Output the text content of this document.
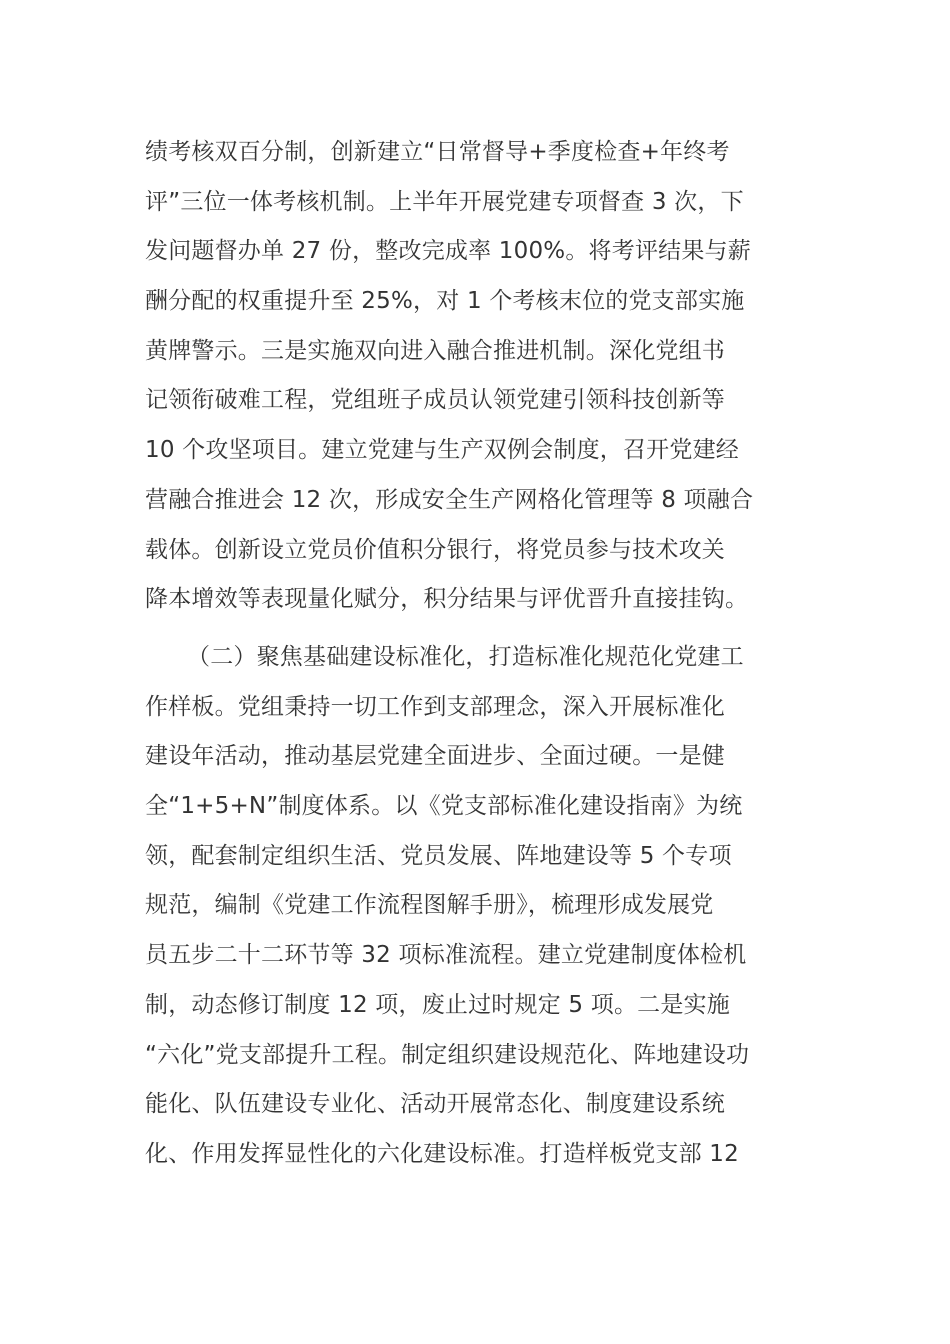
绩考核双百分制，创新建立“日常督导+季度检查+年终考
评”三位一体考核机制。上半年开展党建专项督查 3 次，下
发问题督办单 27 份，整改完成率 100%。将考评结果与薪
酬分配的权重提升至 25%，对 1 个考核末位的党支部实施
黄牌警示。三是实施双向进入融合推进机制。深化党组书
记领衔破难工程，党组班子成员认领党建引领科技创新等
10 个攻坚项目。建立党建与生产双例会制度，召开党建经
营融合推进会 12 次，形成安全生产网格化管理等 8 项融合
载体。创新设立党员价值积分银行，将党员参与技术攻关
降本增效等表现量化赋分，积分结果与评优晋升直接挂钩。
（二）聚焦基础建设标准化，打造标准化规范化党建工
作样板。党组秉持一切工作到支部理念，深入开展标准化
建设年活动，推动基层党建全面进步、全面过硬。一是健
全“1+5+N”制度体系。以《党支部标准化建设指南》为统
领，配套制定组织生活、党员发展、阵地建设等 5 个专项
规范，编制《党建工作流程图解手册》，梳理形成发展党
员五步二十二环节等 32 项标准流程。建立党建制度体检机
制，动态修订制度 12 项，废止过时规定 5 项。二是实施
“六化”党支部提升工程。制定组织建设规范化、阵地建设功
能化、队伍建设专业化、活动开展常态化、制度建设系统
化、作用发挥显性化的六化建设标准。打造样板党支部 12
